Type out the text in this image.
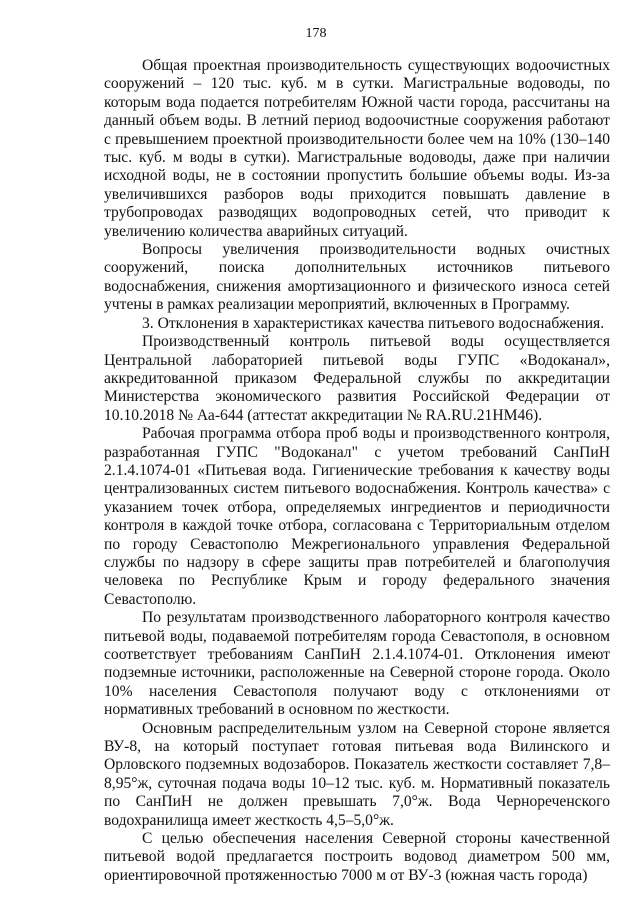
178

Общая проектная производительность существующих водоочистных сооружений – 120 тыс. куб. м в сутки. Магистральные водоводы, по которым вода подается потребителям Южной части города, рассчитаны на данный объем воды. В летний период водоочистные сооружения работают с превышением проектной производительности более чем на 10% (130–140 тыс. куб. м воды в сутки). Магистральные водоводы, даже при наличии исходной воды, не в состоянии пропустить большие объемы воды. Из-за увеличившихся разборов воды приходится повышать давление в трубопроводах разводящих водопроводных сетей, что приводит к увеличению количества аварийных ситуаций.

Вопросы увеличения производительности водных очистных сооружений, поиска дополнительных источников питьевого водоснабжения, снижения амортизационного и физического износа сетей учтены в рамках реализации мероприятий, включенных в Программу.

3. Отклонения в характеристиках качества питьевого водоснабжения.

Производственный контроль питьевой воды осуществляется Центральной лабораторией питьевой воды ГУПС «Водоканал», аккредитованной приказом Федеральной службы по аккредитации Министерства экономического развития Российской Федерации от 10.10.2018 № Аа-644 (аттестат аккредитации № RA.RU.21НМ46).

Рабочая программа отбора проб воды и производственного контроля, разработанная ГУПС "Водоканал" с учетом требований СанПиН 2.1.4.1074-01 «Питьевая вода. Гигиенические требования к качеству воды централизованных систем питьевого водоснабжения. Контроль качества» с указанием точек отбора, определяемых ингредиентов и периодичности контроля в каждой точке отбора, согласована с Территориальным отделом по городу Севастополю Межрегионального управления Федеральной службы по надзору в сфере защиты прав потребителей и благополучия человека по Республике Крым и городу федерального значения Севастополю.

По результатам производственного лабораторного контроля качество питьевой воды, подаваемой потребителям города Севастополя, в основном соответствует требованиям СанПиН 2.1.4.1074-01. Отклонения имеют подземные источники, расположенные на Северной стороне города. Около 10% населения Севастополя получают воду с отклонениями от нормативных требований в основном по жесткости.

Основным распределительным узлом на Северной стороне является ВУ-8, на который поступает готовая питьевая вода Вилинского и Орловского подземных водозаборов. Показатель жесткости составляет 7,8–8,95°ж, суточная подача воды 10–12 тыс. куб. м. Нормативный показатель по СанПиН не должен превышать 7,0°ж. Вода Чернореченского водохранилища имеет жесткость 4,5–5,0°ж.

С целью обеспечения населения Северной стороны качественной питьевой водой предлагается построить водовод диаметром 500 мм, ориентировочной протяженностью 7000 м от ВУ-3 (южная часть города)
